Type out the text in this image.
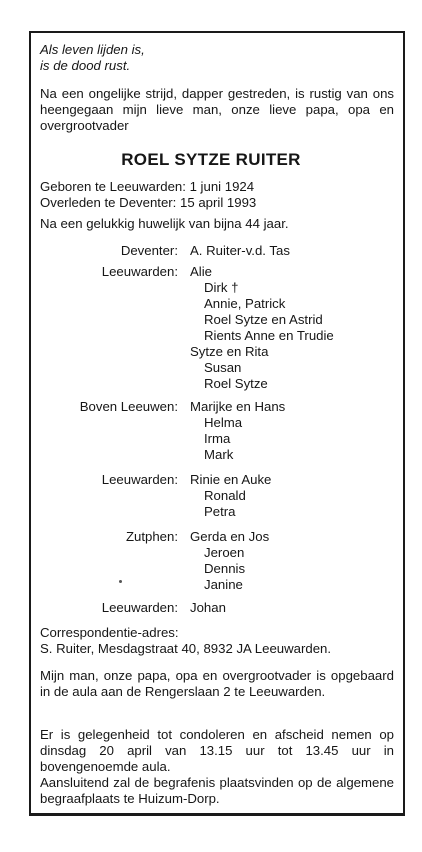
Als leven lijden is,
is de dood rust.
Na een ongelijke strijd, dapper gestreden, is rustig van ons heengegaan mijn lieve man, onze lieve papa, opa en overgrootvader
ROEL SYTZE RUITER
Geboren te Leeuwarden: 1 juni 1924
Overleden te Deventer: 15 april 1993
Na een gelukkig huwelijk van bijna 44 jaar.
Deventer: A. Ruiter-v.d. Tas
Leeuwarden: Alie
Dirk †
Annie, Patrick
Roel Sytze en Astrid
Rients Anne en Trudie
Sytze en Rita
Susan
Roel Sytze
Boven Leeuwen: Marijke en Hans
Helma
Irma
Mark
Leeuwarden: Rinie en Auke
Ronald
Petra
Zutphen: Gerda en Jos
Jeroen
Dennis
Janine
Leeuwarden: Johan
Correspondentie-adres:
S. Ruiter, Mesdagstraat 40, 8932 JA Leeuwarden.
Mijn man, onze papa, opa en overgrootvader is opgebaard in de aula aan de Rengerslaan 2 te Leeuwarden.
Er is gelegenheid tot condoleren en afscheid nemen op dinsdag 20 april van 13.15 uur tot 13.45 uur in bovengenoemde aula.
Aansluitend zal de begrafenis plaatsvinden op de algemene begraafplaats te Huizum-Dorp.
